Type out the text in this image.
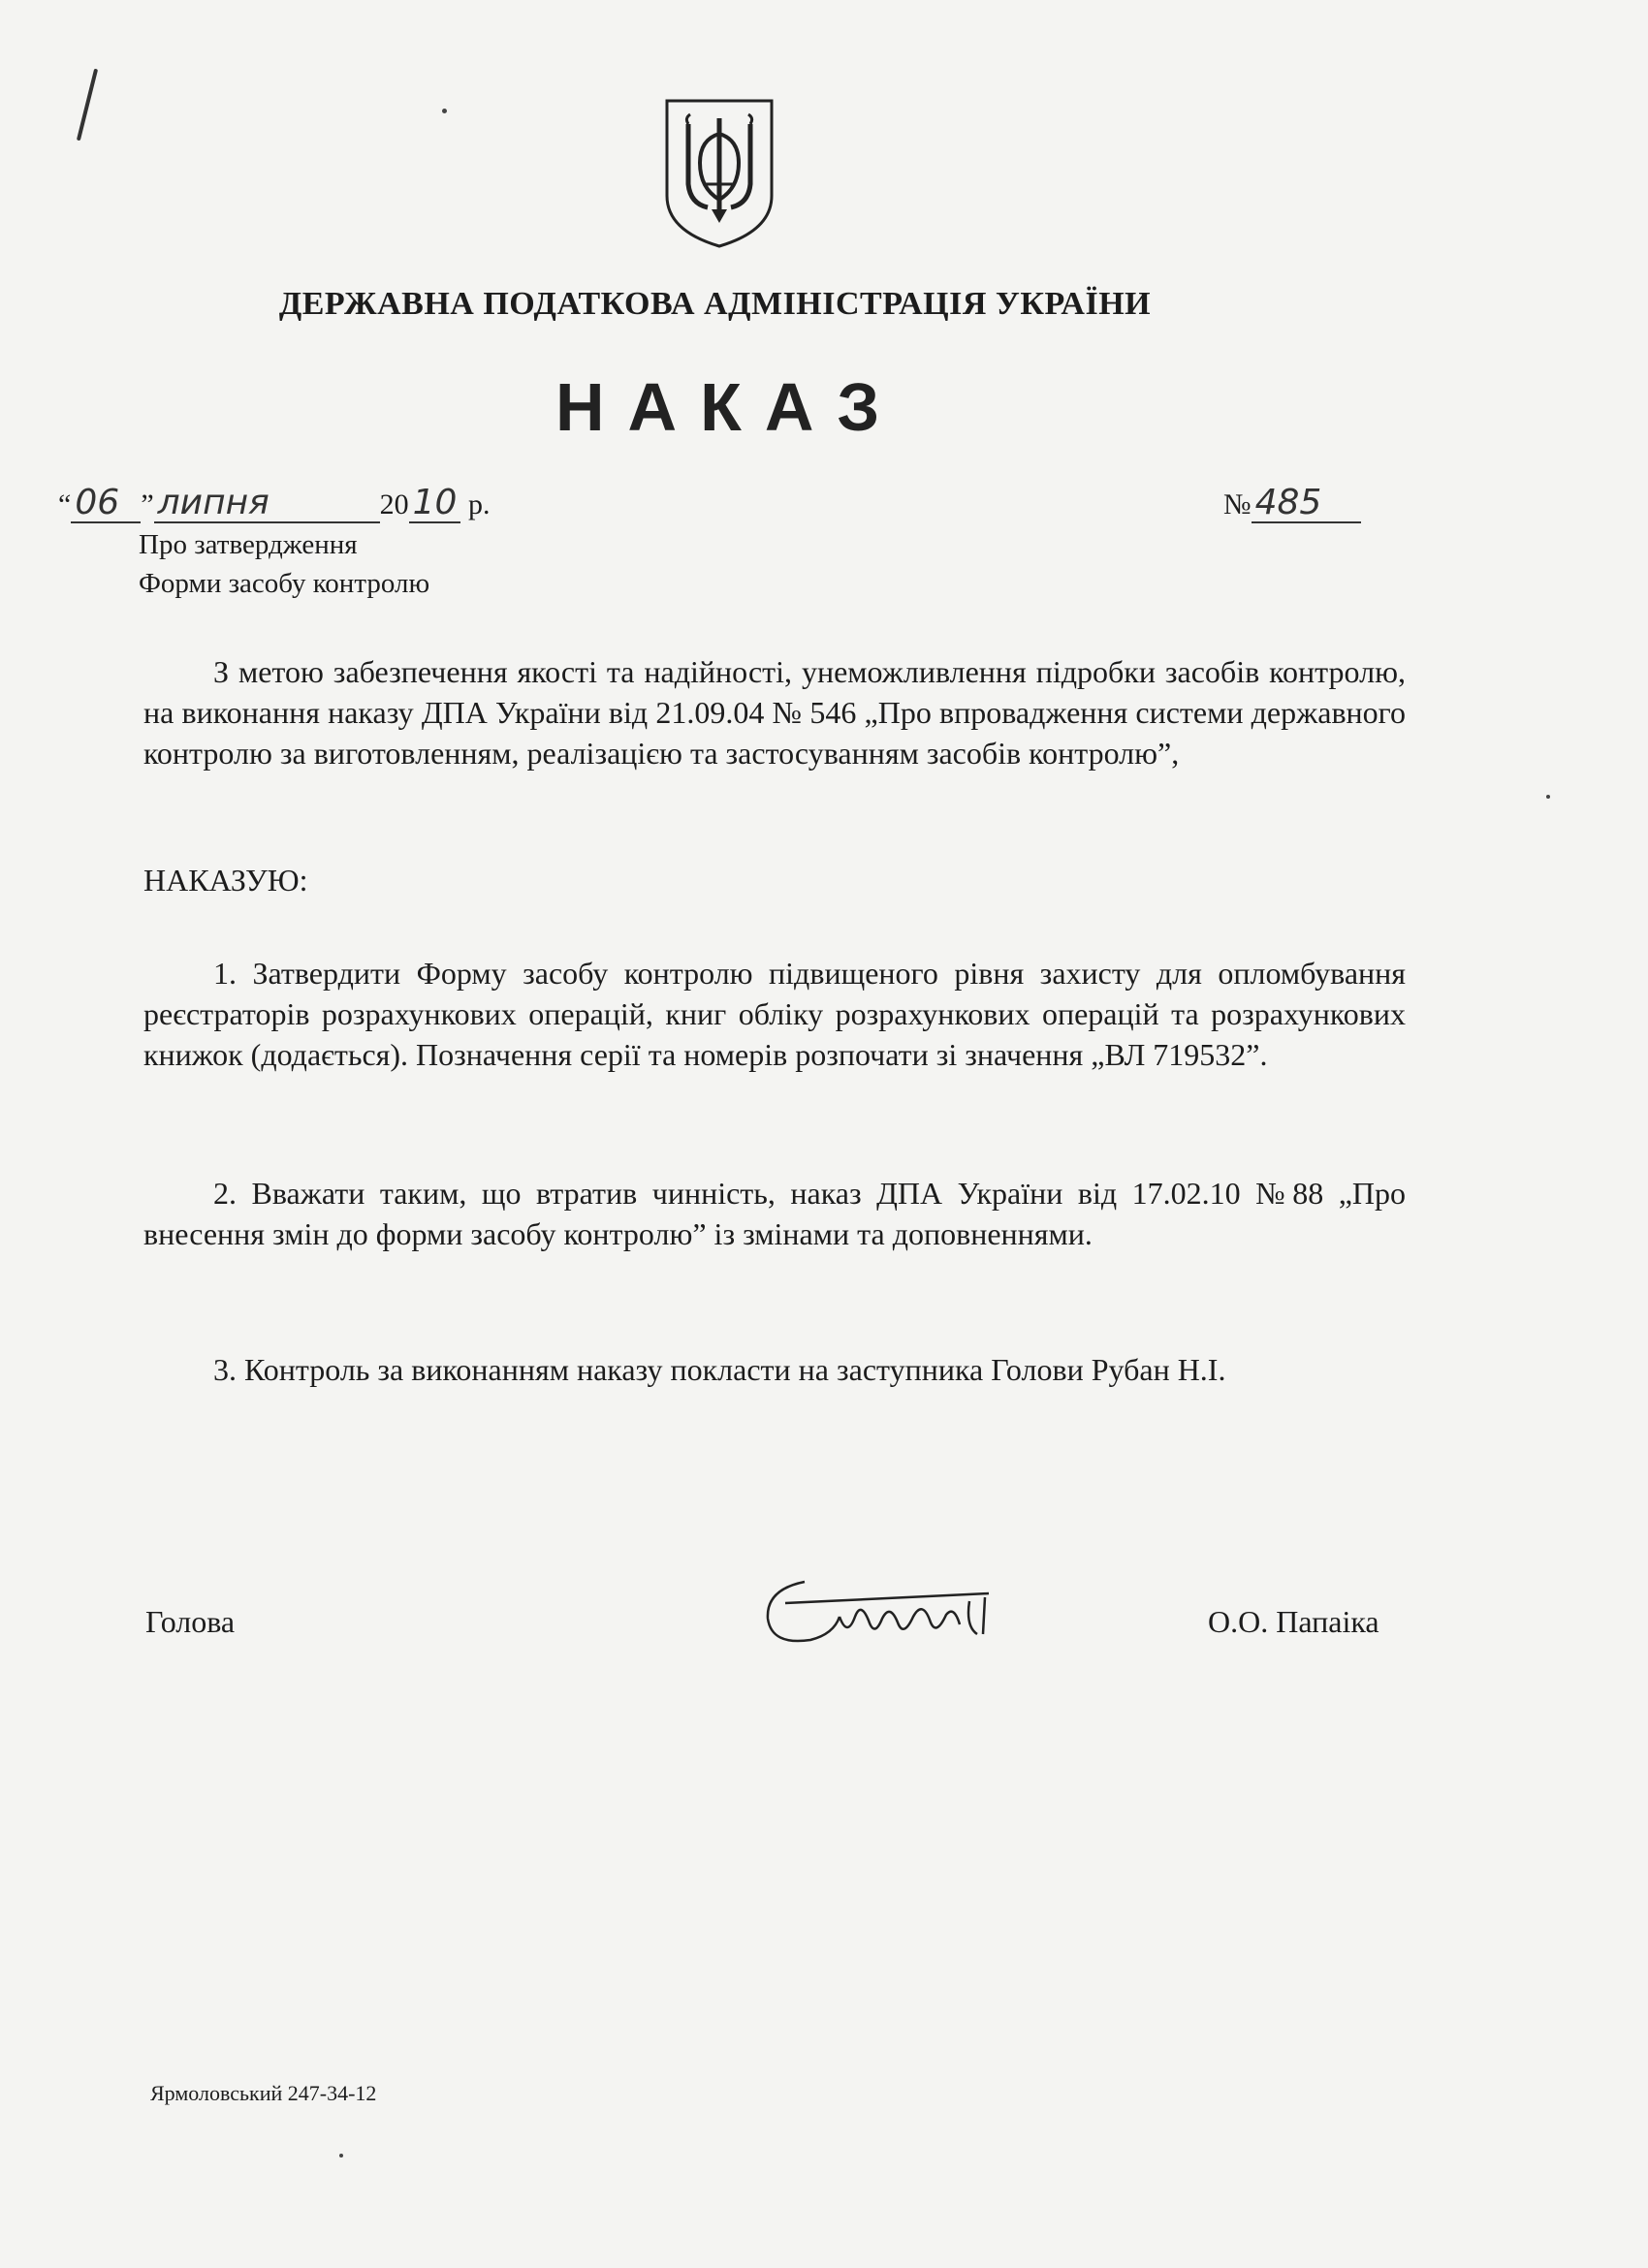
ДЕРЖАВНА ПОДАТКОВА АДМІНІСТРАЦІЯ УКРАЇНИ
НАКАЗ
“ 06 ” липня	20 10 р.	№ 485
Про затвердження
Форми засобу контролю
З метою забезпечення якості та надійності, унеможливлення підробки засобів контролю, на виконання наказу ДПА України від 21.09.04 № 546 „Про впровадження системи державного контролю за виготовленням, реалізацією та застосуванням засобів контролю”,
НАКАЗУЮ:
1. Затвердити Форму засобу контролю підвищеного рівня захисту для опломбування реєстраторів розрахункових операцій, книг обліку розрахункових операцій та розрахункових книжок (додається). Позначення серії та номерів розпочати зі значення „ВЛ 719532”.
2. Вважати таким, що втратив чинність, наказ ДПА України від 17.02.10 №88 „Про внесення змін до форми засобу контролю” із змінами та доповненнями.
3. Контроль за виконанням наказу покласти на заступника Голови Рубан Н.І.
Голова	О.О. Папаіка
Ярмоловський 247-34-12
